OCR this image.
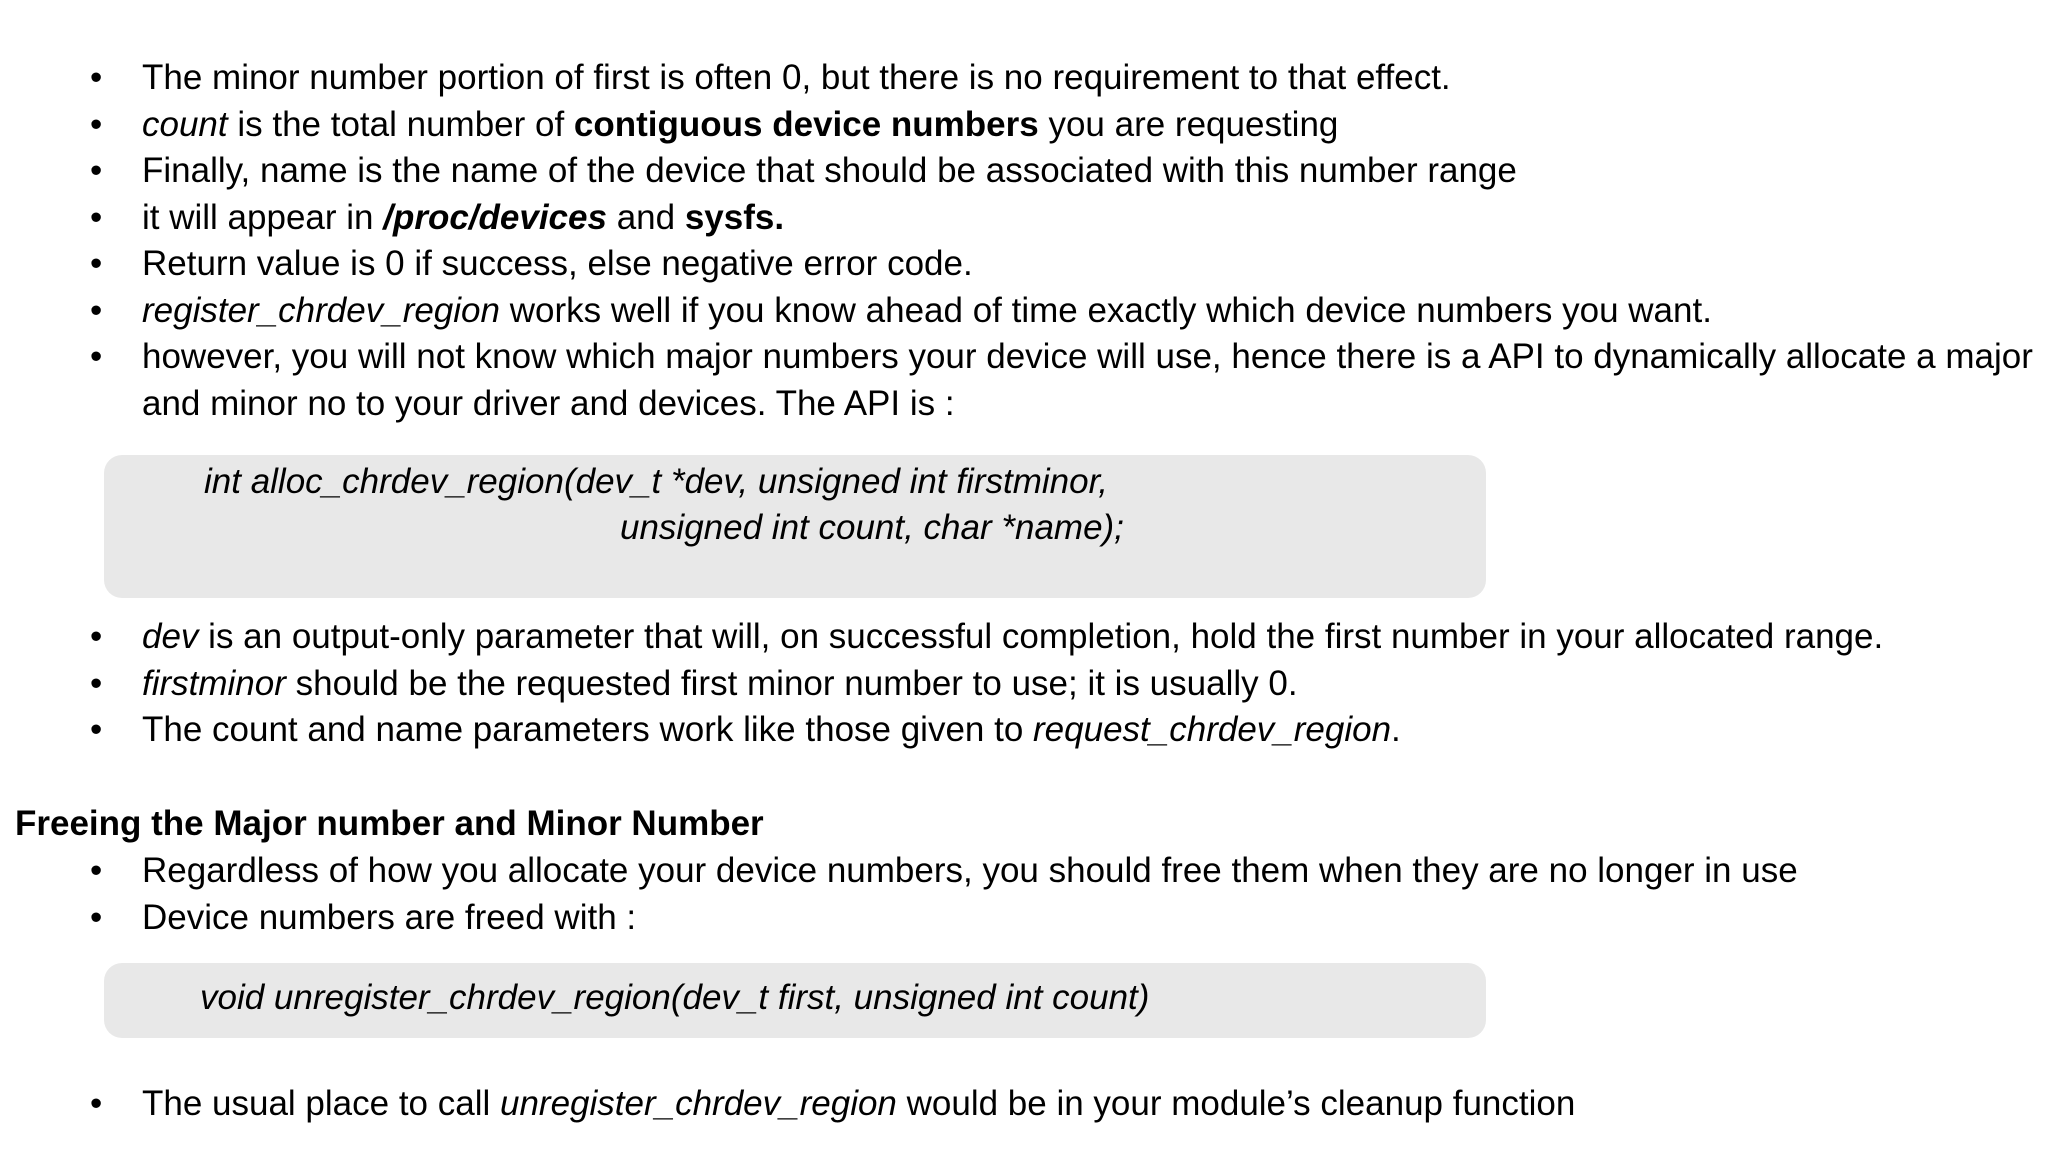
• The minor number portion of first is often 0, but there is no requirement to that effect.
• count is the total number of contiguous device numbers you are requesting
• Finally, name is the name of the device that should be associated with this number range
• it will appear in /proc/devices and sysfs.
• Return value is 0 if success, else negative error code.
• register_chrdev_region works well if you know ahead of time exactly which device numbers you want.
• however, you will not know which major numbers your device will use, hence there is a API to dynamically allocate a major and minor no to your driver and devices. The API is :
int alloc_chrdev_region(dev_t *dev, unsigned int firstminor,
unsigned int count, char *name);
• dev is an output-only parameter that will, on successful completion, hold the first number in your allocated range.
• firstminor should be the requested first minor number to use; it is usually 0.
• The count and name parameters work like those given to request_chrdev_region.
Freeing the Major number and Minor Number
• Regardless of how you allocate your device numbers, you should free them when they are no longer in use
• Device numbers are freed with :
void unregister_chrdev_region(dev_t first, unsigned int count)
• The usual place to call unregister_chrdev_region would be in your module’s cleanup function
